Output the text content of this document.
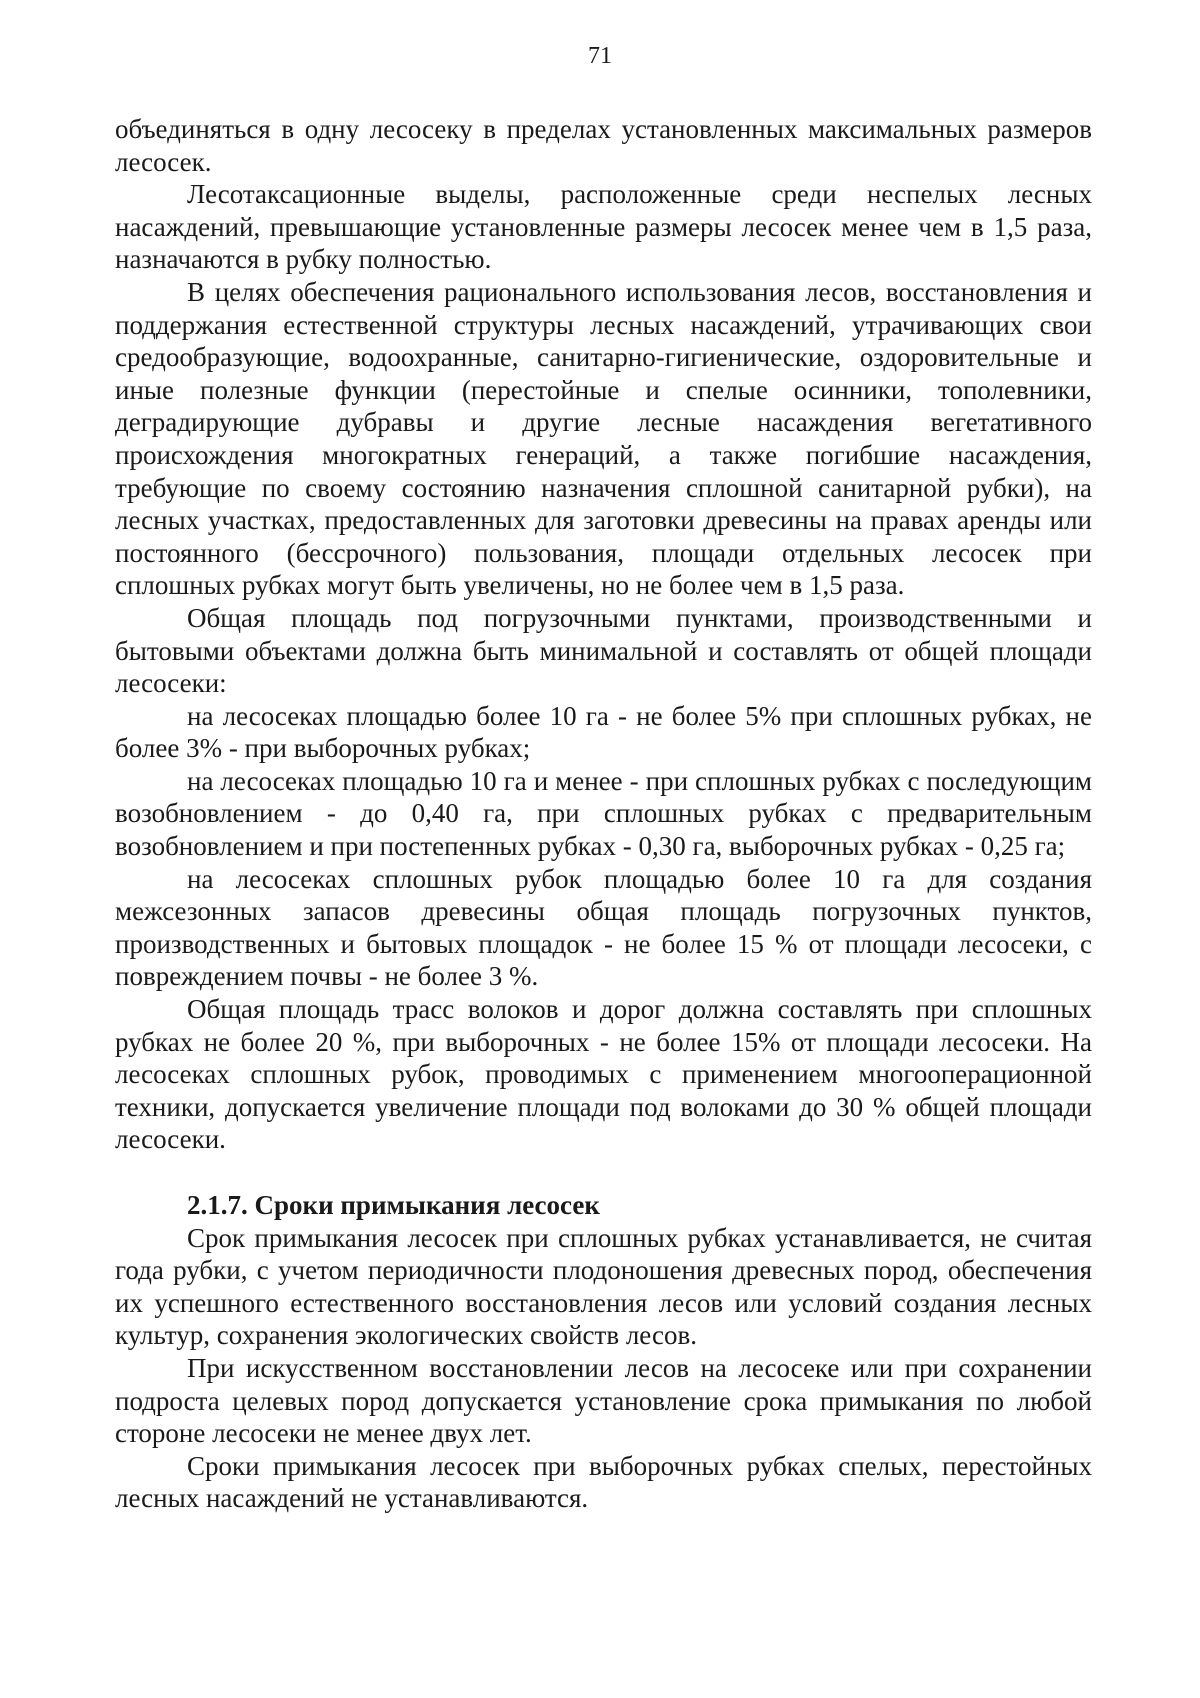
71

объединяться в одну лесосеку в пределах установленных максимальных размеров лесосек.

Лесотаксационные выделы, расположенные среди неспелых лесных насаждений, превышающие установленные размеры лесосек менее чем в 1,5 раза, назначаются в рубку полностью.

В целях обеспечения рационального использования лесов, восстановления и поддержания естественной структуры лесных насаждений, утрачивающих свои средообразующие, водоохранные, санитарно-гигиенические, оздоровительные и иные полезные функции (перестойные и спелые осинники, тополевники, деградирующие дубравы и другие лесные насаждения вегетативного происхождения многократных генераций, а также погибшие насаждения, требующие по своему состоянию назначения сплошной санитарной рубки), на лесных участках, предоставленных для заготовки древесины на правах аренды или постоянного (бессрочного) пользования, площади отдельных лесосек при сплошных рубках могут быть увеличены, но не более чем в 1,5 раза.

Общая площадь под погрузочными пунктами, производственными и бытовыми объектами должна быть минимальной и составлять от общей площади лесосеки:

на лесосеках площадью более 10 га - не более 5% при сплошных рубках, не более 3% - при выборочных рубках;

на лесосеках площадью 10 га и менее - при сплошных рубках с последующим возобновлением - до 0,40 га, при сплошных рубках с предварительным возобновлением и при постепенных рубках - 0,30 га, выборочных рубках - 0,25 га;

на лесосеках сплошных рубок площадью более 10 га для создания межсезонных запасов древесины общая площадь погрузочных пунктов, производственных и бытовых площадок - не более 15 % от площади лесосеки, с повреждением почвы - не более 3 %.

Общая площадь трасс волоков и дорог должна составлять при сплошных рубках не более 20 %, при выборочных - не более 15% от площади лесосеки. На лесосеках сплошных рубок, проводимых с применением многооперационной техники, допускается увеличение площади под волоками до 30 % общей площади лесосеки.

2.1.7. Сроки примыкания лесосек

Срок примыкания лесосек при сплошных рубках устанавливается, не считая года рубки, с учетом периодичности плодоношения древесных пород, обеспечения их успешного естественного восстановления лесов или условий создания лесных культур, сохранения экологических свойств лесов.

При искусственном восстановлении лесов на лесосеке или при сохранении подроста целевых пород допускается установление срока примыкания по любой стороне лесосеки не менее двух лет.

Сроки примыкания лесосек при выборочных рубках спелых, перестойных лесных насаждений не устанавливаются.
